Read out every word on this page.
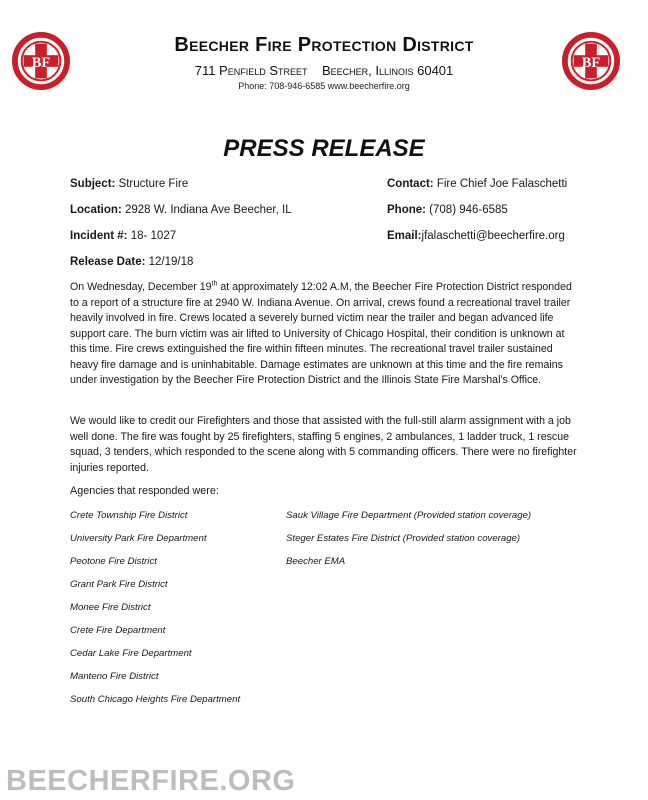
BF	BF
Beecher Fire Protection District
711 Penfield Street    Beecher, Illinois 60401
Phone: 708-946-6585 www.beecherfire.org
PRESS RELEASE
Subject: Structure Fire
Location: 2928 W. Indiana Ave Beecher, IL
Incident #: 18- 1027
Release Date: 12/19/18
Contact: Fire Chief Joe Falaschetti
Phone: (708) 946-6585
Email:jfalaschetti@beecherfire.org
On Wednesday, December 19th at approximately 12:02 A.M, the Beecher Fire Protection District responded to a report of a structure fire at 2940 W. Indiana Avenue. On arrival, crews found a recreational travel trailer heavily involved in fire. Crews located a severely burned victim near the trailer and began advanced life support care. The burn victim was air lifted to University of Chicago Hospital, their condition is unknown at this time. Fire crews extinguished the fire within fifteen minutes. The recreational travel trailer sustained heavy fire damage and is uninhabitable. Damage estimates are unknown at this time and the fire remains under investigation by the Beecher Fire Protection District and the Illinois State Fire Marshal's Office.
We would like to credit our Firefighters and those that assisted with the full-still alarm assignment with a job well done. The fire was fought by 25 firefighters, staffing 5 engines, 2 ambulances, 1 ladder truck, 1 rescue squad, 3 tenders, which responded to the scene along with 5 commanding officers. There were no firefighter injuries reported.
Agencies that responded were:
Crete Township Fire District
University Park Fire Department
Peotone Fire District
Grant Park Fire District
Monee Fire District
Crete Fire Department
Cedar Lake Fire Department
Manteno Fire District
South Chicago Heights Fire Department
Sauk Village Fire Department (Provided station coverage)
Steger Estates Fire District (Provided station coverage)
Beecher EMA
BEECHERFIRE.ORG
